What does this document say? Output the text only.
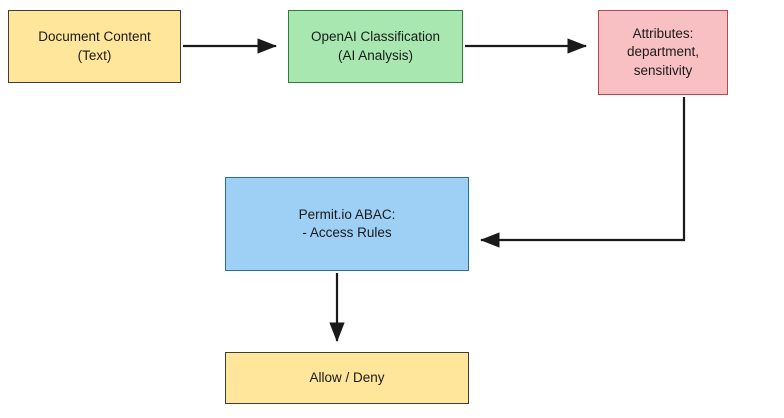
Document Content
(Text)
OpenAI Classification
(AI Analysis)
Attributes:
department,
sensitivity
Permit.io ABAC:
- Access Rules
Allow / Deny
